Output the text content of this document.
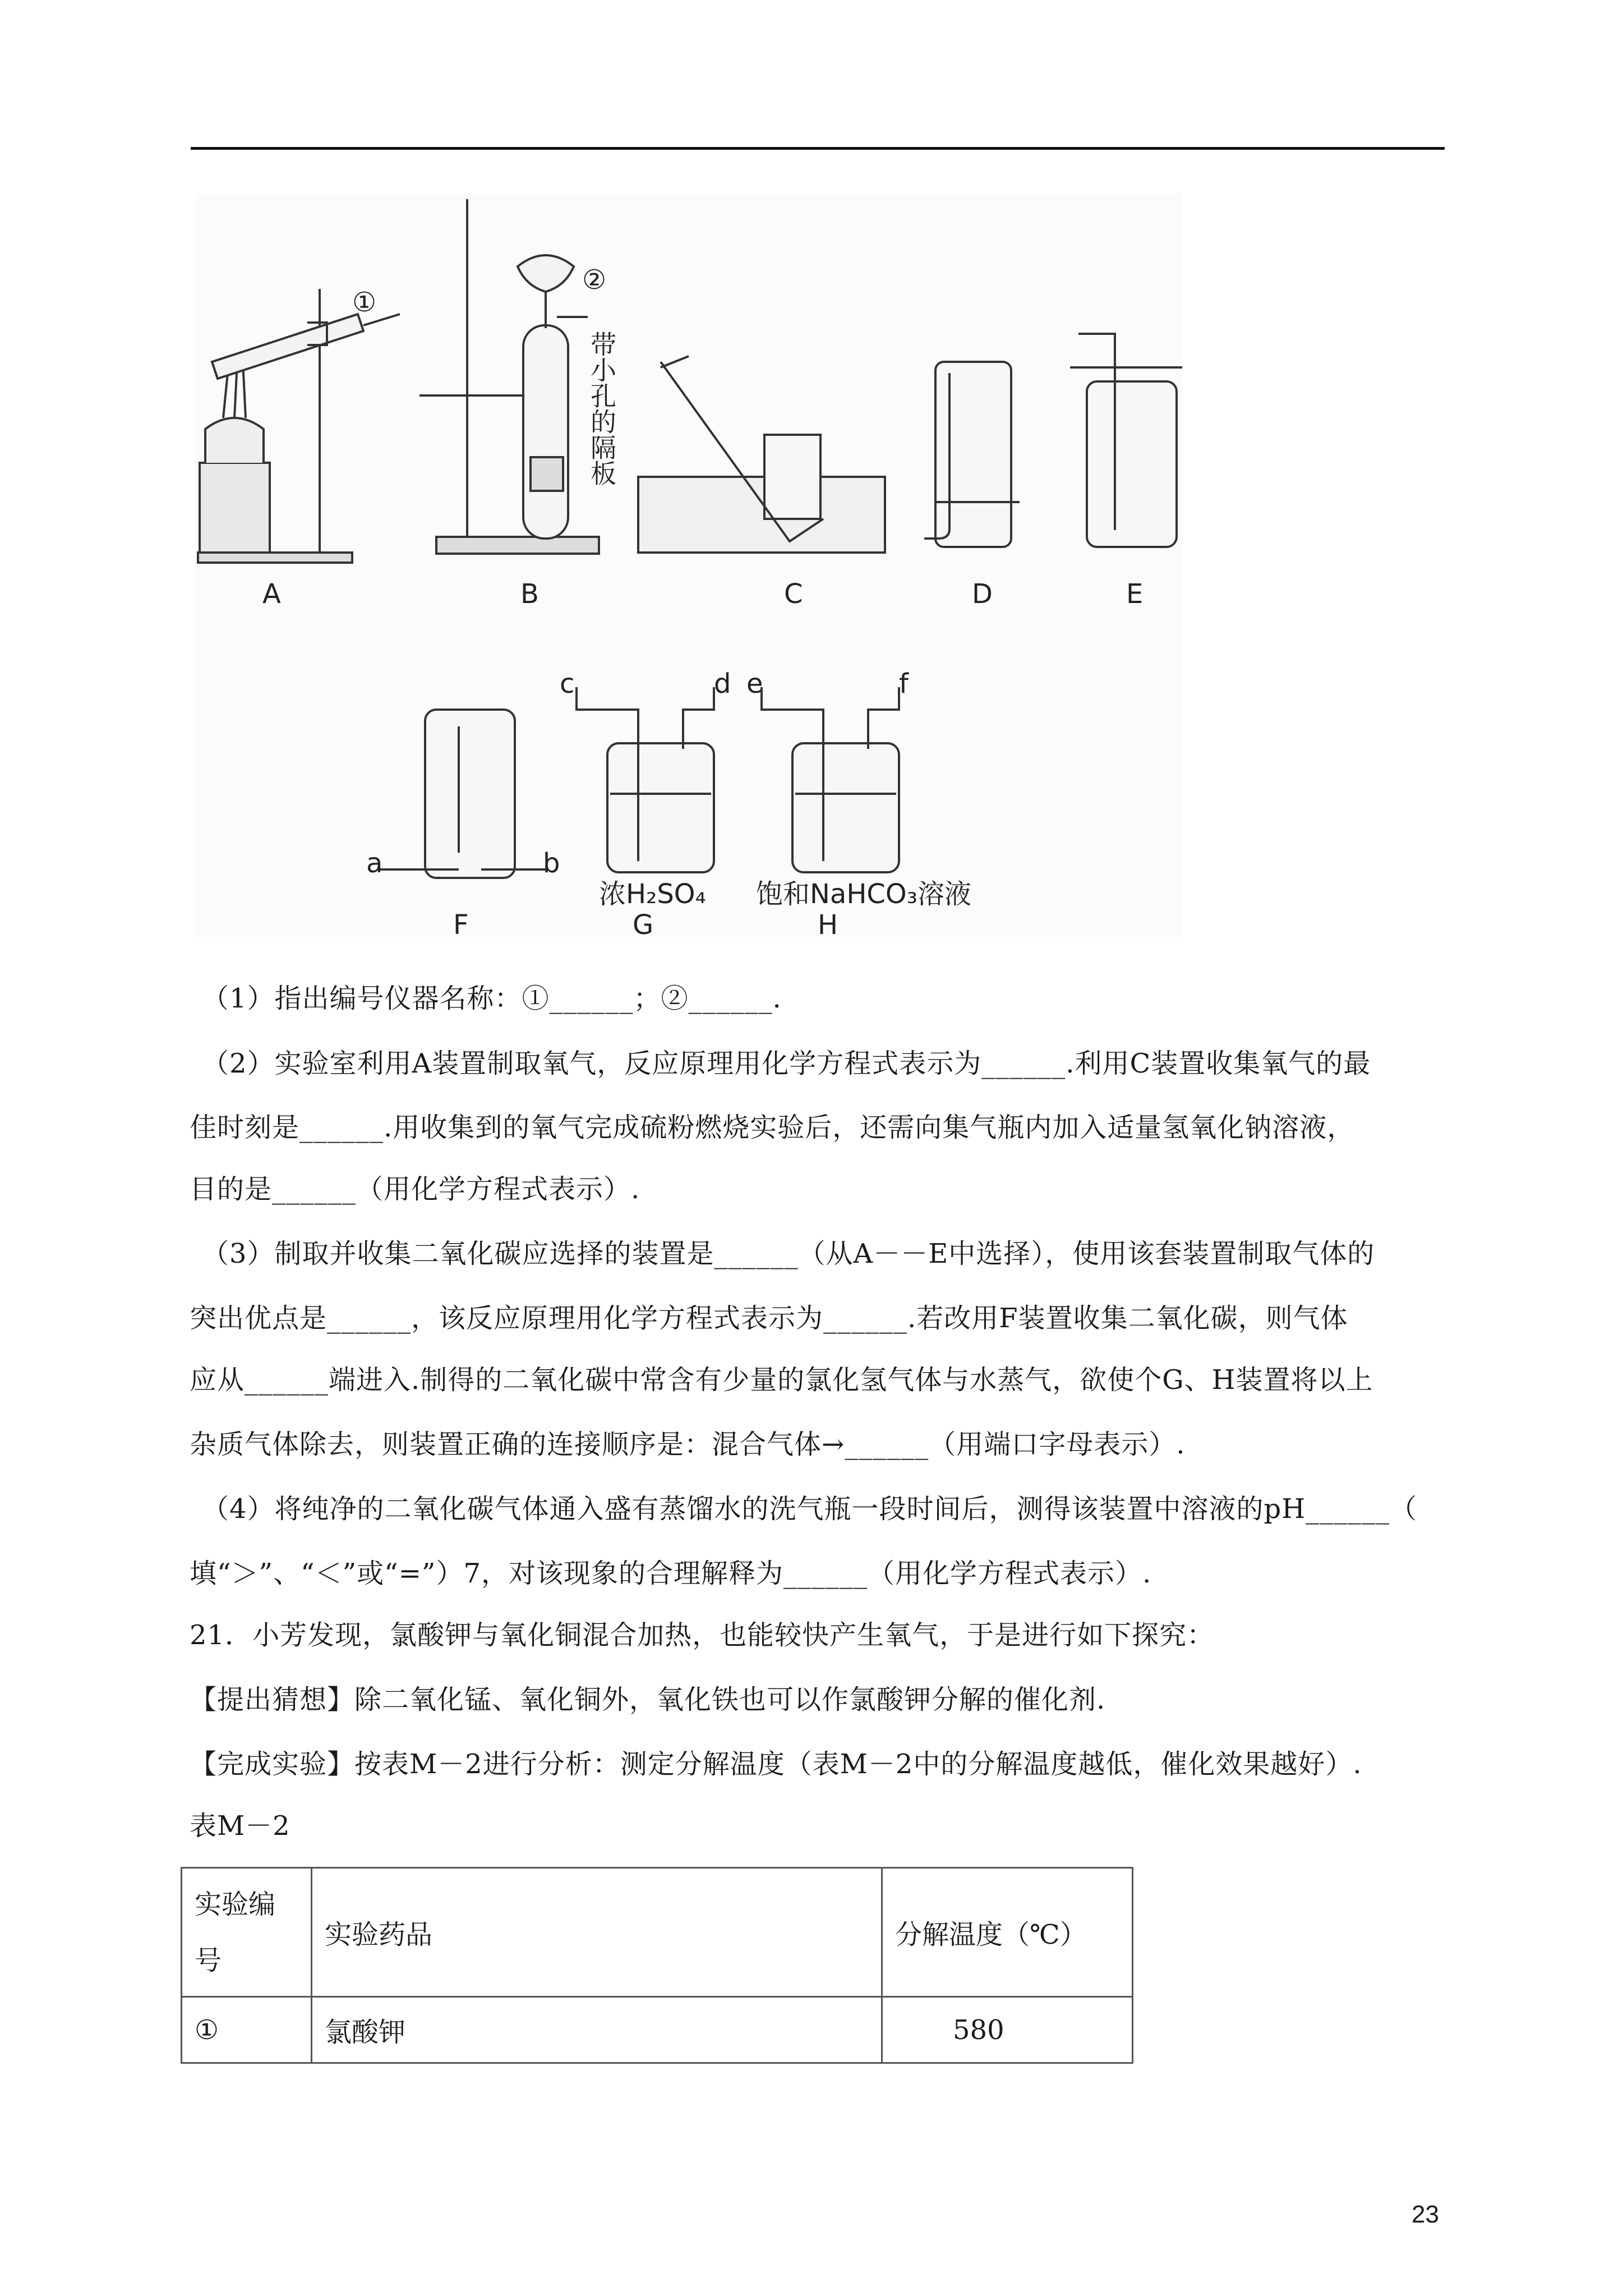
A	B	C	D	E
F	G	H
①
②
a	b
c	d e	f
浓H₂SO₄ 饱和NaHCO₃溶液
带小孔的隔板
（1）指出编号仪器名称：①______；②______.
（2）实验室利用A装置制取氧气，反应原理用化学方程式表示为______.利用C装置收集氧气的最
佳时刻是______.用收集到的氧气完成硫粉燃烧实验后，还需向集气瓶内加入适量氢氧化钠溶液，
目的是______（用化学方程式表示）.
（3）制取并收集二氧化碳应选择的装置是______（从A－－E中选择），使用该套装置制取气体的
突出优点是______，该反应原理用化学方程式表示为______.若改用F装置收集二氧化碳，则气体
应从______端进入.制得的二氧化碳中常含有少量的氯化氢气体与水蒸气，欲使个G、H装置将以上
杂质气体除去，则装置正确的连接顺序是：混合气体→______（用端口字母表示）.
（4）将纯净的二氧化碳气体通入盛有蒸馏水的洗气瓶一段时间后，测得该装置中溶液的pH______（
填“＞”、“＜”或“=”）7，对该现象的合理解释为______（用化学方程式表示）.
21．小芳发现，氯酸钾与氧化铜混合加热，也能较快产生氧气，于是进行如下探究：
【提出猜想】除二氧化锰、氧化铜外，氧化铁也可以作氯酸钾分解的催化剂.
【完成实验】按表M－2进行分析：测定分解温度（表M－2中的分解温度越低，催化效果越好）.
表M－2
实验编
号	实验药品	分解温度（℃）
①	氯酸钾	580
23
